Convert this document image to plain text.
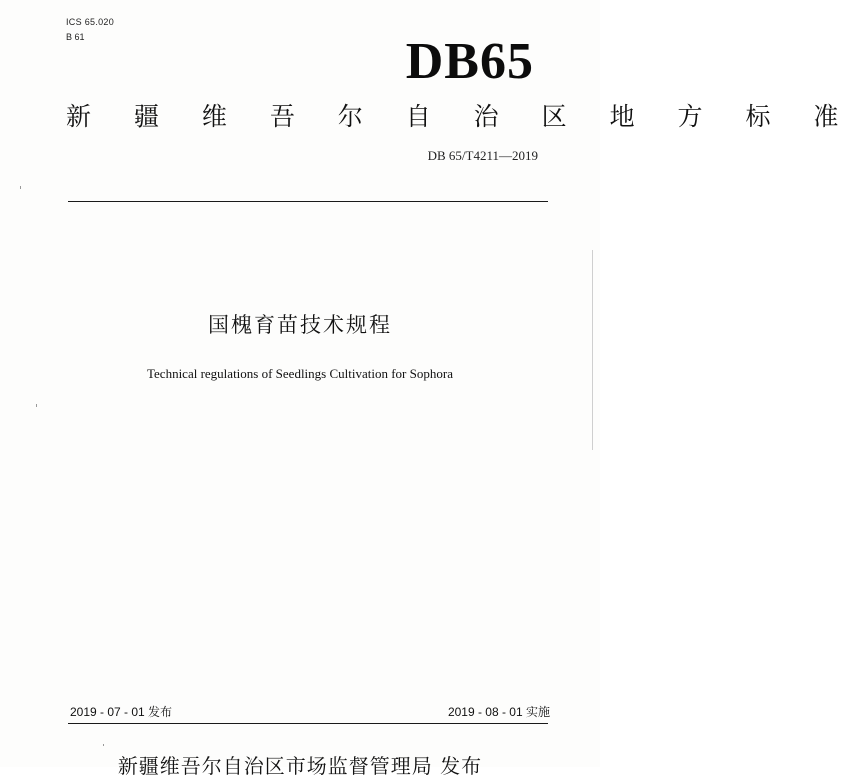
ICS 65.020
B 61	DB65
新 疆 维 吾 尔 自 治 区 地 方 标 准
DB 65/T4211—2019
国槐育苗技术规程
Technical regulations of Seedlings Cultivation for Sophora
2019 - 07 - 01 发布	2019 - 08 - 01 实施
新疆维吾尔自治区市场监督管理局 发布
